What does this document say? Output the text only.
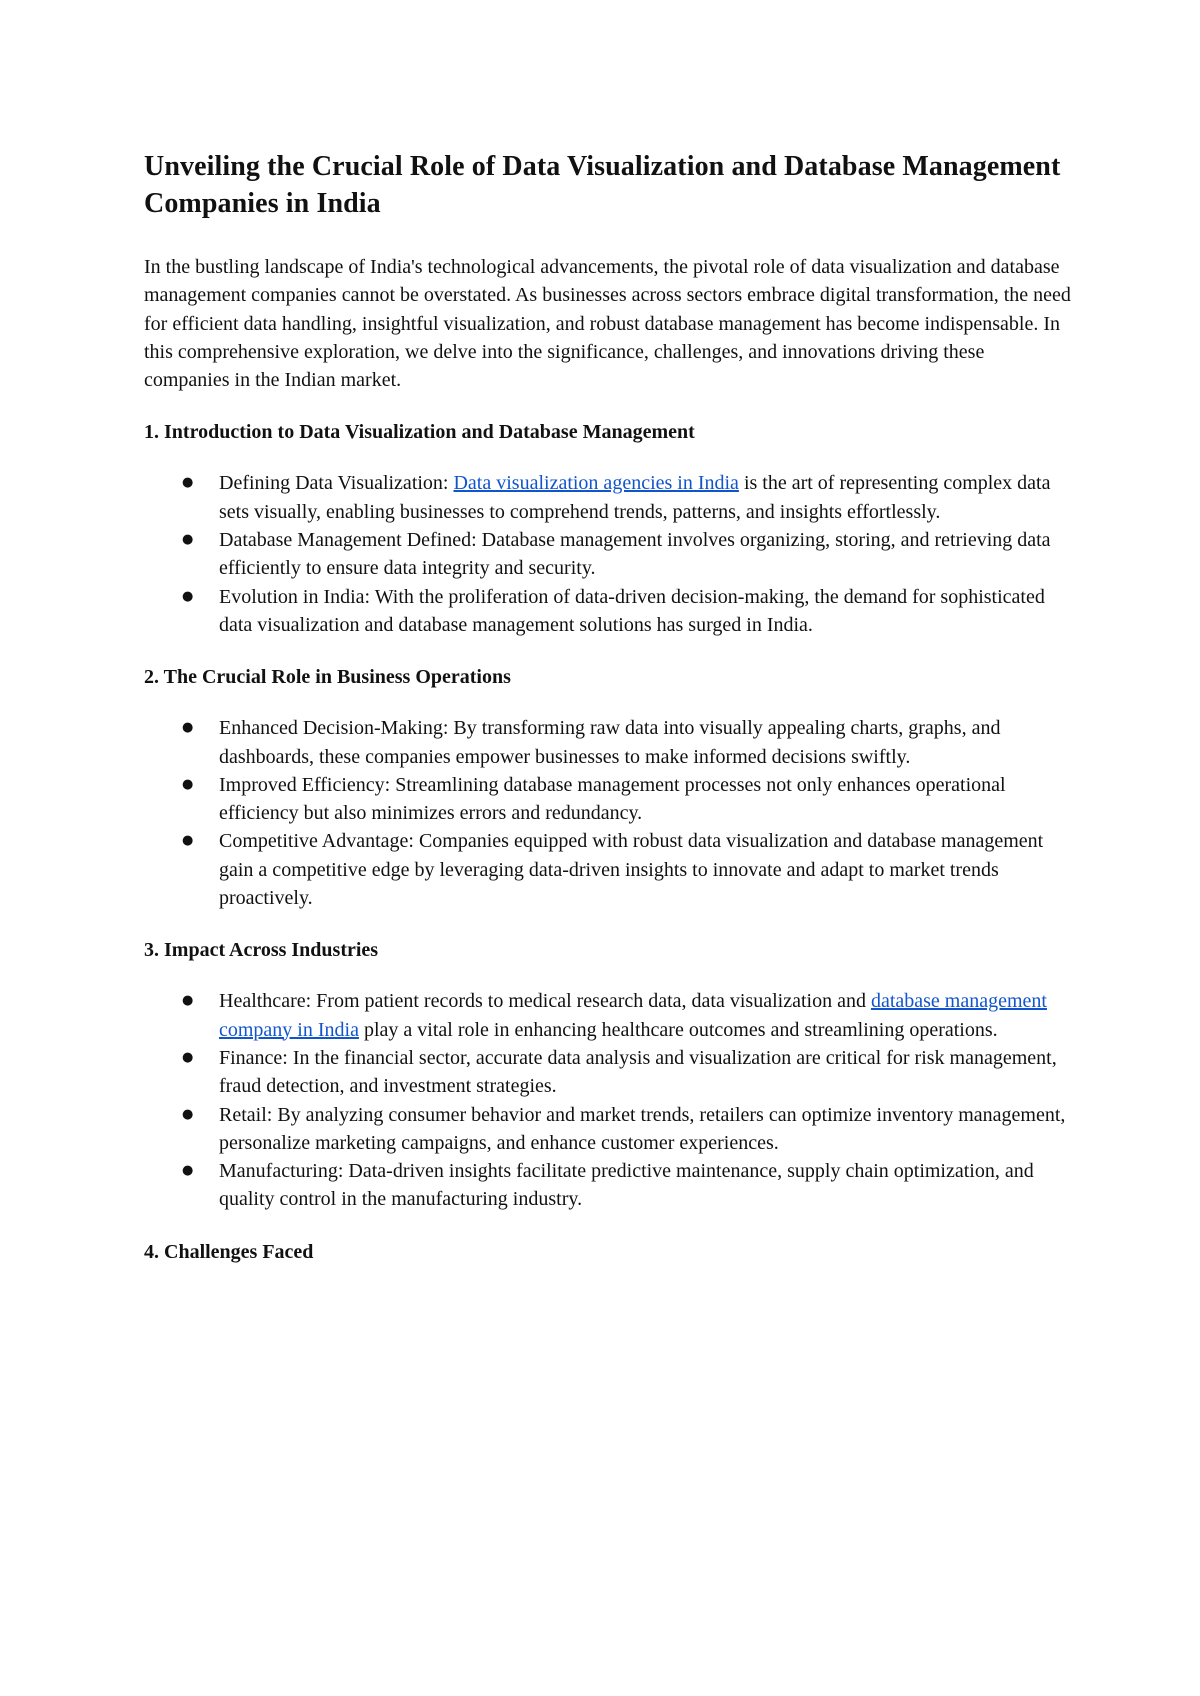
Unveiling the Crucial Role of Data Visualization and Database Management Companies in India

In the bustling landscape of India's technological advancements, the pivotal role of data visualization and database management companies cannot be overstated. As businesses across sectors embrace digital transformation, the need for efficient data handling, insightful visualization, and robust database management has become indispensable. In this comprehensive exploration, we delve into the significance, challenges, and innovations driving these companies in the Indian market.

1. Introduction to Data Visualization and Database Management
● Defining Data Visualization: Data visualization agencies in India is the art of representing complex data sets visually, enabling businesses to comprehend trends, patterns, and insights effortlessly.
● Database Management Defined: Database management involves organizing, storing, and retrieving data efficiently to ensure data integrity and security.
● Evolution in India: With the proliferation of data-driven decision-making, the demand for sophisticated data visualization and database management solutions has surged in India.
2. The Crucial Role in Business Operations
● Enhanced Decision-Making: By transforming raw data into visually appealing charts, graphs, and dashboards, these companies empower businesses to make informed decisions swiftly.
● Improved Efficiency: Streamlining database management processes not only enhances operational efficiency but also minimizes errors and redundancy.
● Competitive Advantage: Companies equipped with robust data visualization and database management gain a competitive edge by leveraging data-driven insights to innovate and adapt to market trends proactively.
3. Impact Across Industries
● Healthcare: From patient records to medical research data, data visualization and database management company in India play a vital role in enhancing healthcare outcomes and streamlining operations.
● Finance: In the financial sector, accurate data analysis and visualization are critical for risk management, fraud detection, and investment strategies.
● Retail: By analyzing consumer behavior and market trends, retailers can optimize inventory management, personalize marketing campaigns, and enhance customer experiences.
● Manufacturing: Data-driven insights facilitate predictive maintenance, supply chain optimization, and quality control in the manufacturing industry.
4. Challenges Faced
